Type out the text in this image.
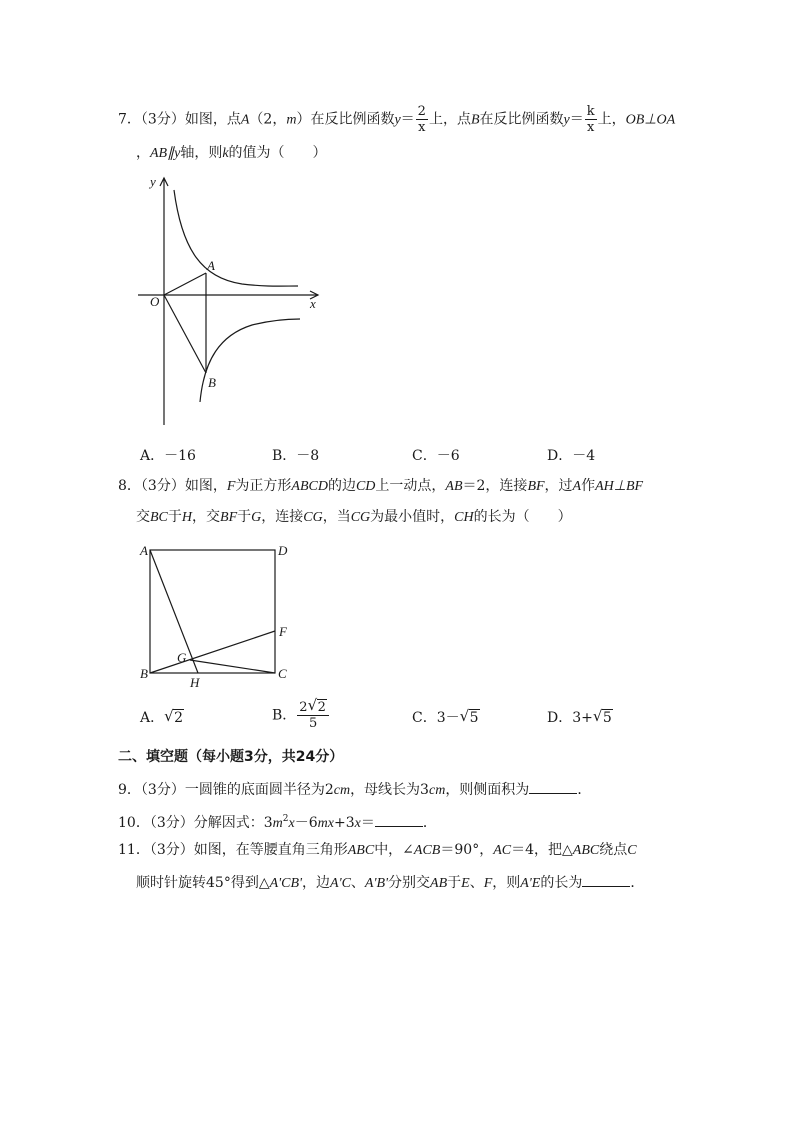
7．（3分）如图，点A（2，m）在反比例函数$y= \frac{2}{x}$ 上，点B在反比例函数$y= \frac{k}{x}$ 上，OB⊥OA
，AB∥y轴，则k的值为（　　）
y
x
O
A
B
A．－16	B．－8	C．－6	D．－4
8．（3分）如图，F为正方形ABCD的边CD上一动点，AB＝2，连接BF，过A作AH⊥BF
交BC于H，交BF于G，连接CG，当CG为最小值时，CH的长为（　　）
A	D
F
G
B
H
C
A． √ 2	B． $\frac{2 √ 2}{5}$	C．3－ √ 5	D．3+ √ 5
二、填空题（每小题3分，共24分）
9．（3分）一圆锥的底面圆半径为2cm，母线长为3cm，则侧面积为	．
10．（3分）分解因式：$3m^2x-6mx+3x=$	．
11．（3分）如图，在等腰直角三角形ABC中，∠ACB＝90°，AC＝4，把△ABC绕点C
顺时针旋转45°得到△A'CB'，边A'C、A'B'分别交AB于E、F，则A'E的长为	．
